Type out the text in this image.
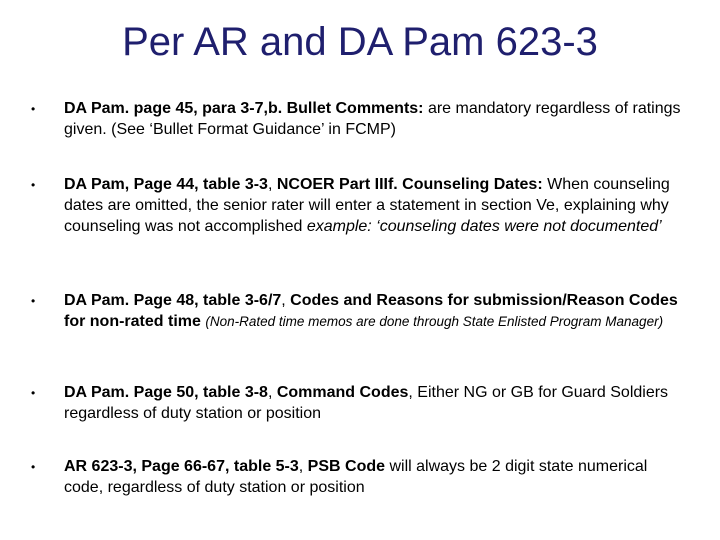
Per AR and DA Pam 623-3
• DA Pam. page 45, para 3-7,b. Bullet Comments: are mandatory regardless of ratings given. (See ‘Bullet Format Guidance’ in FCMP)
• DA Pam, Page 44, table 3-3, NCOER Part IIIf. Counseling Dates: When counseling dates are omitted, the senior rater will enter a statement in section Ve, explaining why counseling was not accomplished example: ‘counseling dates were not documented’
• DA Pam. Page 48, table 3-6/7, Codes and Reasons for submission/Reason Codes for non-rated time (Non-Rated time memos are done through State Enlisted Program Manager)
• DA Pam. Page 50, table 3-8, Command Codes, Either NG or GB for Guard Soldiers regardless of duty station or position
• AR 623-3, Page 66-67, table 5-3, PSB Code will always be 2 digit state numerical code, regardless of duty station or position
